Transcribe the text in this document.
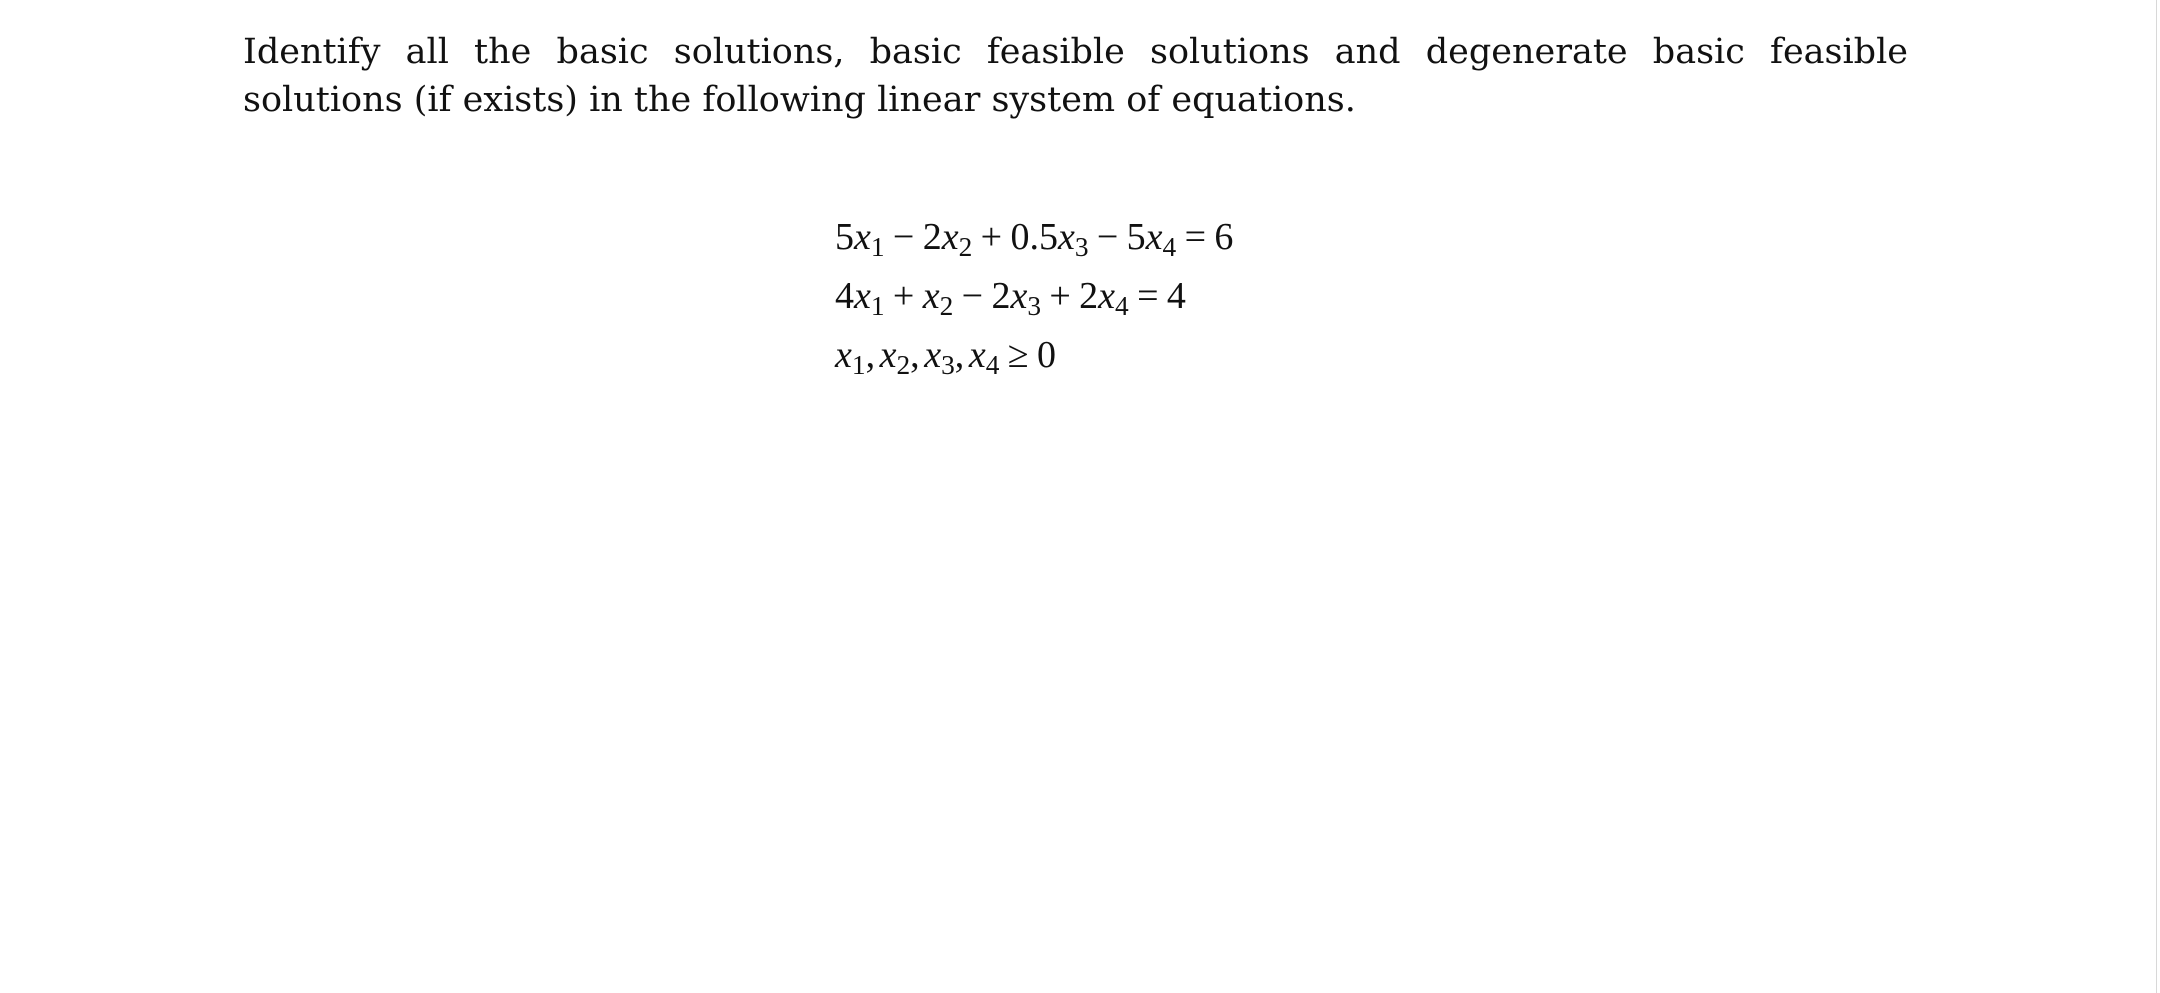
Identify all the basic solutions, basic feasible solutions and degenerate basic feasible solutions (if exists) in the following linear system of equations.

$5x_1 - 2x_2 + 0.5x_3 - 5x_4 = 6$
$4x_1 + x_2 - 2x_3 + 2x_4 = 4$
$x_1$, $x_2$, $x_3$, $x_4 \ge 0$
